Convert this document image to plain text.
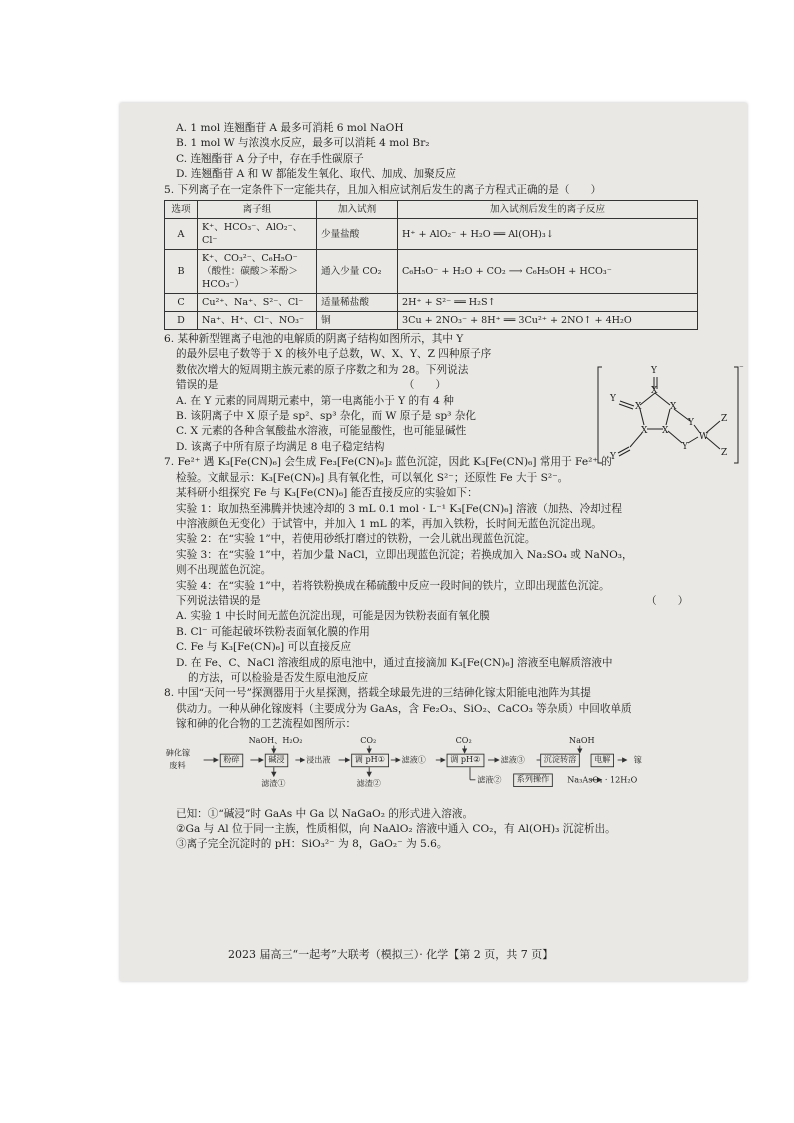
A. 1 mol 连翘酯苷 A 最多可消耗 6 mol NaOH
B. 1 mol W 与浓溴水反应，最多可以消耗 4 mol Br₂
C. 连翘酯苷 A 分子中，存在手性碳原子
D. 连翘酯苷 A 和 W 都能发生氧化、取代、加成、加聚反应
5. 下列离子在一定条件下一定能共存，且加入相应试剂后发生的离子方程式正确的是（　　）
选项	离子组	加入试剂	加入试剂后发生的离子反应
A	K⁺、HCO₃⁻、AlO₂⁻、Cl⁻	少量盐酸	H⁺ + AlO₂⁻ + H₂O ══ Al(OH)₃↓
B	K⁺、CO₃²⁻、C₆H₅O⁻（酸性：碳酸＞苯酚＞HCO₃⁻）	通入少量 CO₂	C₆H₅O⁻ + H₂O + CO₂ ⟶ C₆H₅OH + HCO₃⁻
C	Cu²⁺、Na⁺、S²⁻、Cl⁻	适量稀盐酸	2H⁺ + S²⁻ ══ H₂S↑
D	Na⁺、H⁺、Cl⁻、NO₃⁻	铜	3Cu + 2NO₃⁻ + 8H⁺ ══ 3Cu²⁺ + 2NO↑ + 4H₂O
6. 某种新型锂离子电池的电解质的阴离子结构如图所示，其中 Y
的最外层电子数等于 X 的核外电子总数，W、X、Y、Z 四种原子序
数依次增大的短周期主族元素的原子序数之和为 28。下列说法
错误的是　　　　　　　　　　　　　　　　　　（　　）
A. 在 Y 元素的同周期元素中，第一电离能小于 Y 的有 4 种
B. 该阴离子中 X 原子是 sp²、sp³ 杂化，而 W 原子是 sp³ 杂化
C. X 元素的各种含氧酸盐水溶液，可能显酸性，也可能显碱性
D. 该离子中所有原子均满足 8 电子稳定结构
Y
X
Y
X	X
X X
Y
Y
W
Z
Z
Y
⁻
7. Fe²⁺ 遇 K₃[Fe(CN)₆] 会生成 Fe₃[Fe(CN)₆]₂ 蓝色沉淀，因此 K₃[Fe(CN)₆] 常用于 Fe²⁺ 的
检验。文献显示：K₃[Fe(CN)₆] 具有氧化性，可以氧化 S²⁻；还原性 Fe 大于 S²⁻。
某科研小组探究 Fe 与 K₃[Fe(CN)₆] 能否直接反应的实验如下：
实验 1：取加热至沸腾并快速冷却的 3 mL 0.1 mol · L⁻¹ K₃[Fe(CN)₆] 溶液（加热、冷却过程
中溶液颜色无变化）于试管中，并加入 1 mL 的苯，再加入铁粉，长时间无蓝色沉淀出现。
实验 2：在“实验 1”中，若使用砂纸打磨过的铁粉，一会儿就出现蓝色沉淀。
实验 3：在“实验 1”中，若加少量 NaCl，立即出现蓝色沉淀；若换成加入 Na₂SO₄ 或 NaNO₃，
则不出现蓝色沉淀。
实验 4：在“实验 1”中，若将铁粉换成在稀硫酸中反应一段时间的铁片，立即出现蓝色沉淀。
下列说法错误的是	（　　）
A. 实验 1 中长时间无蓝色沉淀出现，可能是因为铁粉表面有氧化膜
B. Cl⁻ 可能起破坏铁粉表面氧化膜的作用
C. Fe 与 K₃[Fe(CN)₆] 可以直接反应
D. 在 Fe、C、NaCl 溶液组成的原电池中，通过直接滴加 K₃[Fe(CN)₆] 溶液至电解质溶液中
的方法，可以检验是否发生原电池反应
8. 中国“天问一号”探测器用于火星探测，搭载全球最先进的三结砷化镓太阳能电池阵为其提
供动力。一种从砷化镓废料（主要成分为 GaAs，含 Fe₂O₃、SiO₂、CaCO₃ 等杂质）中回收单质
镓和砷的化合物的工艺流程如图所示：
砷化镓
废料
粉碎
NaOH、H₂O₂
碱浸
滤渣①
浸出液
CO₂
调 pH①
滤渣②
滤液①
CO₂
调 pH②	滤液③
滤液②	系列操作	Na₃AsO₄ · 12H₂O
NaOH
沉淀转溶	电解	镓
已知：①“碱浸”时 GaAs 中 Ga 以 NaGaO₂ 的形式进入溶液。
②Ga 与 Al 位于同一主族，性质相似，向 NaAlO₂ 溶液中通入 CO₂，有 Al(OH)₃ 沉淀析出。
③离子完全沉淀时的 pH：SiO₃²⁻ 为 8，GaO₂⁻ 为 5.6。
2023 届高三“一起考”大联考（模拟三）· 化学【第 2 页，共 7 页】
